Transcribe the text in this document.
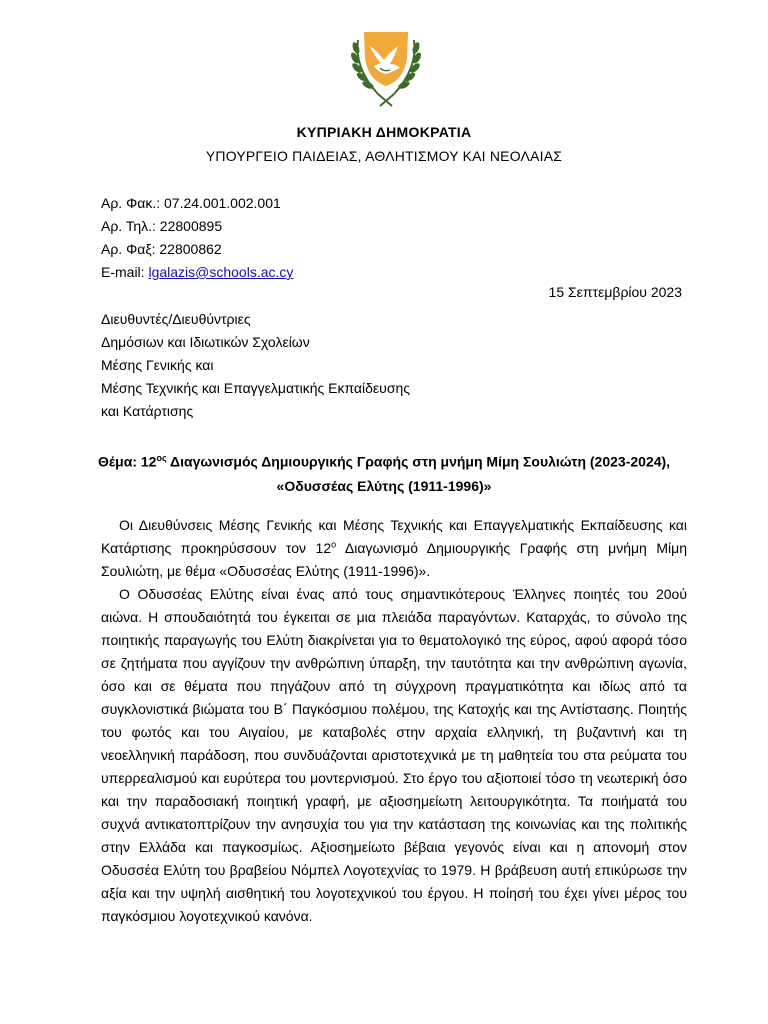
ΚΥΠΡΙΑΚΗ ΔΗΜΟΚΡΑΤΙΑ
ΥΠΟΥΡΓΕΙΟ ΠΑΙΔΕΙΑΣ, ΑΘΛΗΤΙΣΜΟΥ ΚΑΙ ΝΕΟΛΑΙΑΣ
Αρ. Φακ.: 07.24.001.002.001
Αρ. Τηλ.: 22800895
Αρ. Φαξ: 22800862
E-mail: lgalazis@schools.ac.cy
15 Σεπτεμβρίου 2023
Διευθυντές/Διευθύντριες
Δημόσιων και Ιδιωτικών Σχολείων
Μέσης Γενικής και
Μέσης Τεχνικής και Επαγγελματικής Εκπαίδευσης
και Κατάρτισης
Θέμα: $12^{o\varsigma}$ Διαγωνισμός Δημιουργικής Γραφής στη μνήμη Μίμη Σουλιώτη (2023-2024),
«Οδυσσέας Ελύτης (1911-1996)»

Οι Διευθύνσεις Μέσης Γενικής και Μέσης Τεχνικής και Επαγγελματικής Εκπαίδευσης και Κατάρτισης προκηρύσσουν τον $12^o$ Διαγωνισμό Δημιουργικής Γραφής στη μνήμη Μίμη Σουλιώτη, με θέμα «Οδυσσέας Ελύτης (1911-1996)».

Ο Οδυσσέας Ελύτης είναι ένας από τους σημαντικότερους Έλληνες ποιητές του 20ού αιώνα. Η σπουδαιότητά του έγκειται σε μια πλειάδα παραγόντων. Καταρχάς, το σύνολο της ποιητικής παραγωγής του Ελύτη διακρίνεται για το θεματολογικό της εύρος, αφού αφορά τόσο σε ζητήματα που αγγίζουν την ανθρώπινη ύπαρξη, την ταυτότητα και την ανθρώπινη αγωνία, όσο και σε θέματα που πηγάζουν από τη σύγχρονη πραγματικότητα και ιδίως από τα συγκλονιστικά βιώματα του Β΄ Παγκόσμιου πολέμου, της Κατοχής και της Αντίστασης. Ποιητής του φωτός και του Αιγαίου, με καταβολές στην αρχαία ελληνική, τη βυζαντινή και τη νεοελληνική παράδοση, που συνδυάζονται αριστοτεχνικά με τη μαθητεία του στα ρεύματα του υπερρεαλισμού και ευρύτερα του μοντερνισμού. Στο έργο του αξιοποιεί τόσο τη νεωτερική όσο και την παραδοσιακή ποιητική γραφή, με αξιοσημείωτη λειτουργικότητα. Τα ποιήματά του συχνά αντικατοπτρίζουν την ανησυχία του για την κατάσταση της κοινωνίας και της πολιτικής στην Ελλάδα και παγκοσμίως. Αξιοσημείωτο βέβαια γεγονός είναι και η απονομή στον Οδυσσέα Ελύτη του βραβείου Νόμπελ Λογοτεχνίας το 1979. Η βράβευση αυτή επικύρωσε την αξία και την υψηλή αισθητική του λογοτεχνικού του έργου. Η ποίησή του έχει γίνει μέρος του παγκόσμιου λογοτεχνικού κανόνα.
